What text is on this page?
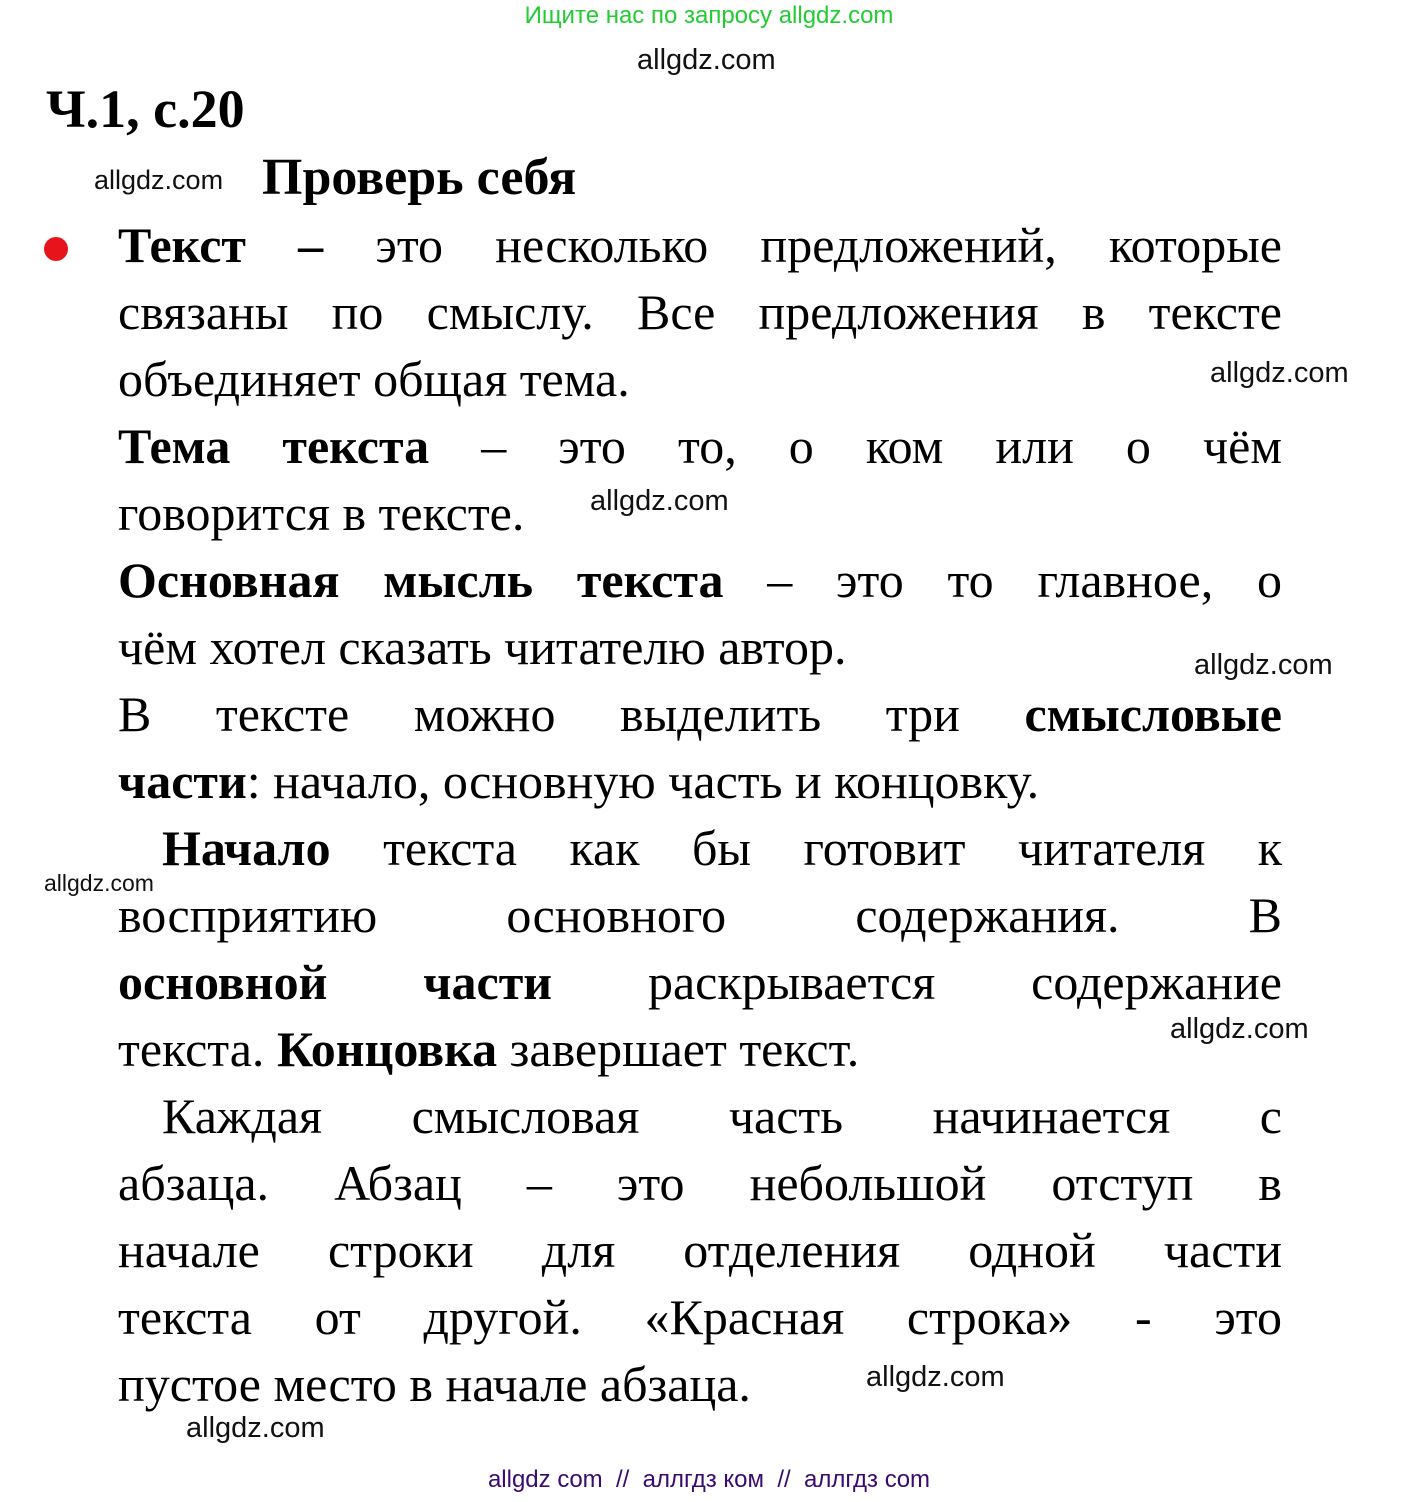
Ищите нас по запросу allgdz.com
allgdz.com
Ч.1, с.20
allgdz.com Проверь себя
Текст – это несколько предложений, которые
связаны по смыслу. Все предложения в тексте
объединяет общая тема.
Тема текста – это то, о ком или о чём
говорится в тексте.
Основная мысль текста – это то главное, о
чём хотел сказать читателю автор.
В тексте можно выделить три смысловые
части: начало, основную часть и концовку.
Начало текста как бы готовит читателя к
восприятию основного содержания. В
основной части раскрывается содержание
текста. Концовка завершает текст.
Каждая смысловая часть начинается с
абзаца. Абзац – это небольшой отступ в
начале строки для отделения одной части
текста от другой. «Красная строка» - это
пустое место в начале абзаца.
allgdz.com
allgdz.com
allgdz.com
allgdz.com
allgdz.com
allgdz.com
allgdz.com
allgdz com  //  аллгдз ком  //  аллгдз com
